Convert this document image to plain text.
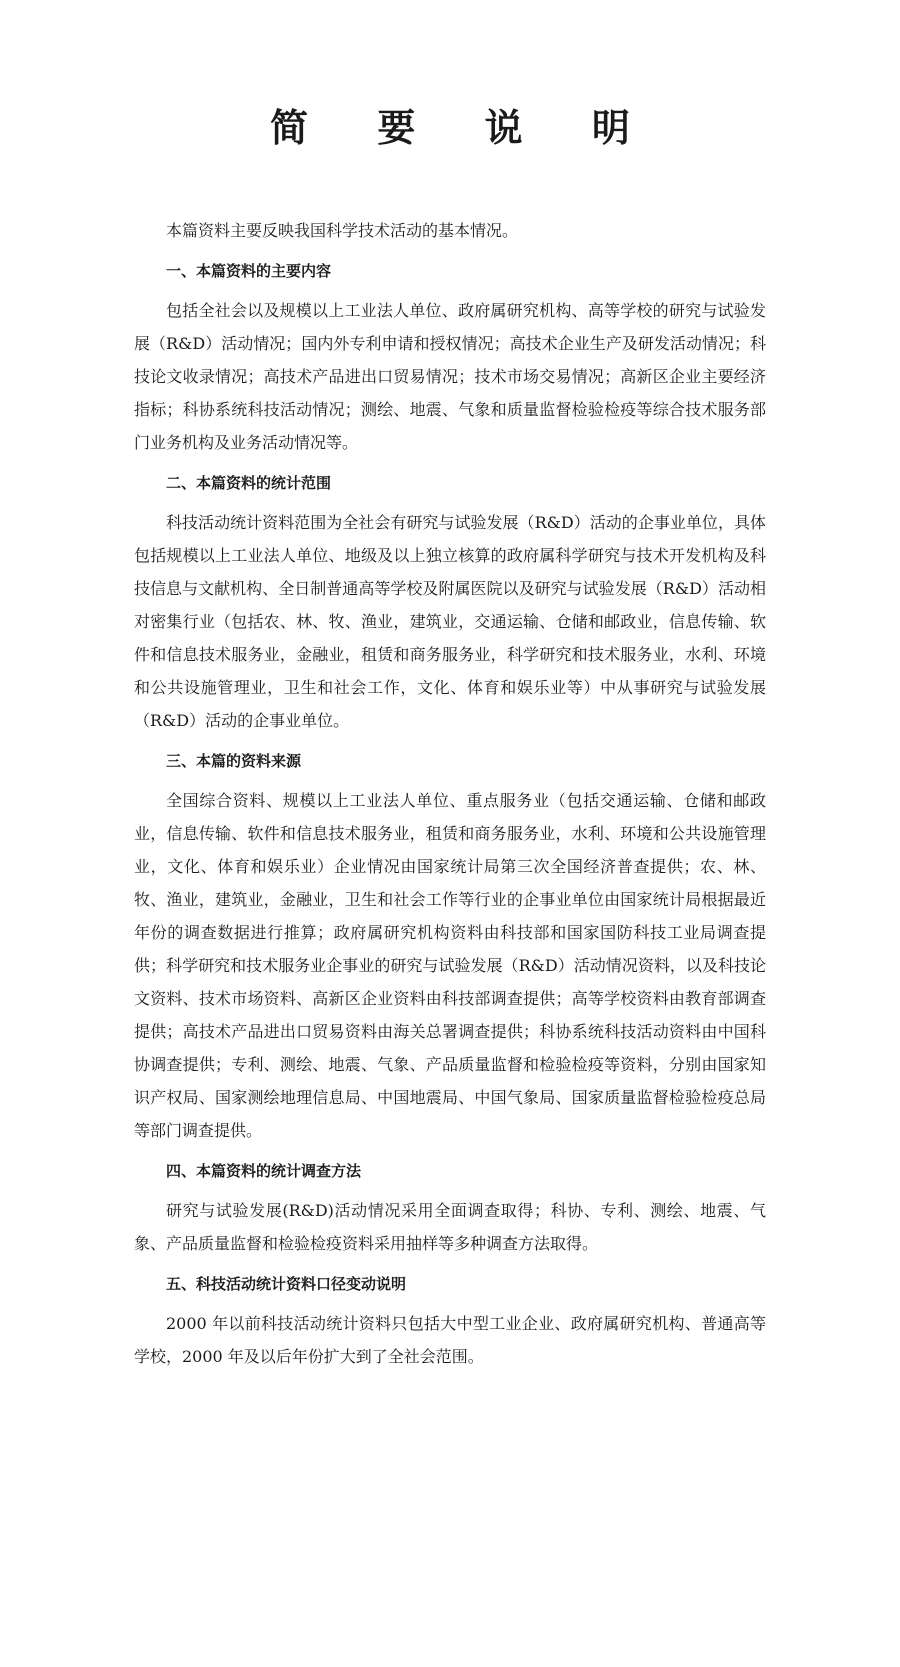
简 要 说 明

本篇资料主要反映我国科学技术活动的基本情况。

一、本篇资料的主要内容

包括全社会以及规模以上工业法人单位、政府属研究机构、高等学校的研究与试验发展（R&D）活动情况；国内外专利申请和授权情况；高技术企业生产及研发活动情况；科技论文收录情况；高技术产品进出口贸易情况；技术市场交易情况；高新区企业主要经济指标；科协系统科技活动情况；测绘、地震、气象和质量监督检验检疫等综合技术服务部门业务机构及业务活动情况等。

二、本篇资料的统计范围

科技活动统计资料范围为全社会有研究与试验发展（R&D）活动的企事业单位，具体包括规模以上工业法人单位、地级及以上独立核算的政府属科学研究与技术开发机构及科技信息与文献机构、全日制普通高等学校及附属医院以及研究与试验发展（R&D）活动相对密集行业（包括农、林、牧、渔业，建筑业，交通运输、仓储和邮政业，信息传输、软件和信息技术服务业，金融业，租赁和商务服务业，科学研究和技术服务业，水利、环境和公共设施管理业，卫生和社会工作，文化、体育和娱乐业等）中从事研究与试验发展（R&D）活动的企事业单位。

三、本篇的资料来源

全国综合资料、规模以上工业法人单位、重点服务业（包括交通运输、仓储和邮政业，信息传输、软件和信息技术服务业，租赁和商务服务业，水利、环境和公共设施管理业，文化、体育和娱乐业）企业情况由国家统计局第三次全国经济普查提供；农、林、牧、渔业，建筑业，金融业，卫生和社会工作等行业的企事业单位由国家统计局根据最近年份的调查数据进行推算；政府属研究机构资料由科技部和国家国防科技工业局调查提供；科学研究和技术服务业企事业的研究与试验发展（R&D）活动情况资料，以及科技论文资料、技术市场资料、高新区企业资料由科技部调查提供；高等学校资料由教育部调查提供；高技术产品进出口贸易资料由海关总署调查提供；科协系统科技活动资料由中国科协调查提供；专利、测绘、地震、气象、产品质量监督和检验检疫等资料，分别由国家知识产权局、国家测绘地理信息局、中国地震局、中国气象局、国家质量监督检验检疫总局等部门调查提供。

四、本篇资料的统计调查方法

研究与试验发展(R&D)活动情况采用全面调查取得；科协、专利、测绘、地震、气象、产品质量监督和检验检疫资料采用抽样等多种调查方法取得。

五、科技活动统计资料口径变动说明

2000 年以前科技活动统计资料只包括大中型工业企业、政府属研究机构、普通高等学校，2000 年及以后年份扩大到了全社会范围。
